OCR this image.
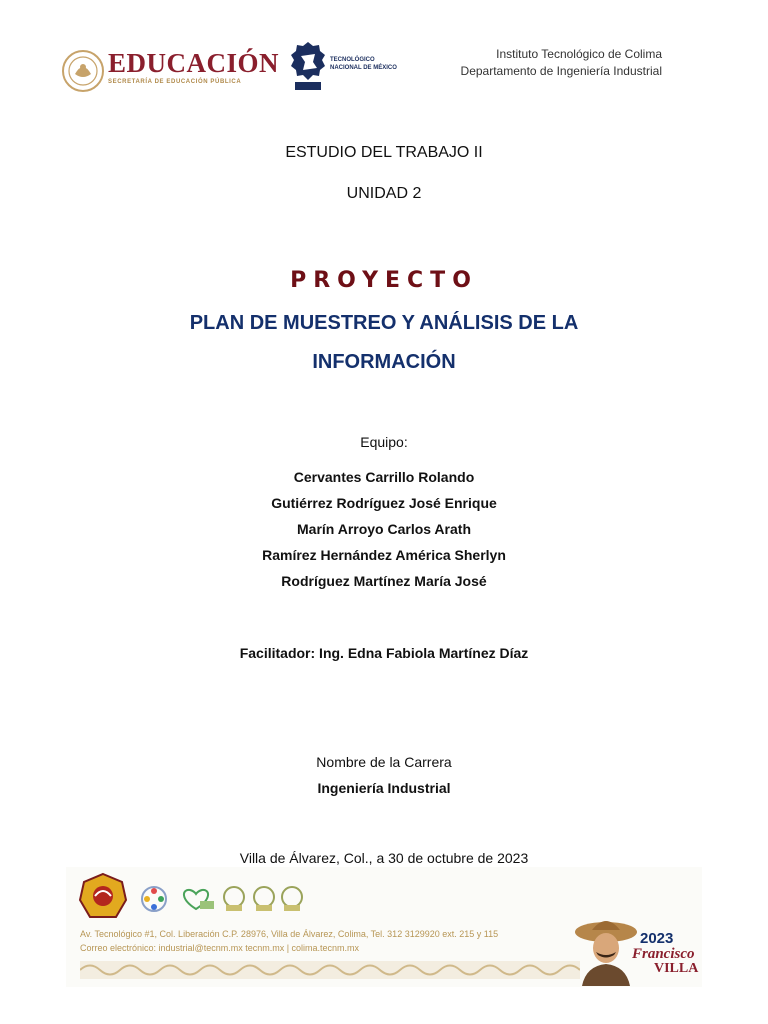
EDUCACIÓN
SECRETARÍA DE EDUCACIÓN PÚBLICA
TECNOLÓGICO
NACIONAL DE MÉXICO
Instituto Tecnológico de Colima
Departamento de Ingeniería Industrial
ESTUDIO DEL TRABAJO II
UNIDAD 2
PROYECTO
PLAN DE MUESTREO Y ANÁLISIS DE LA
INFORMACIÓN
Equipo:
Cervantes Carrillo Rolando
Gutiérrez Rodríguez José Enrique
Marín Arroyo Carlos Arath
Ramírez Hernández América Sherlyn
Rodríguez Martínez María José
Facilitador: Ing. Edna Fabiola Martínez Díaz
Nombre de la Carrera
Ingeniería Industrial
Villa de Álvarez, Col., a 30 de octubre de 2023
Av. Tecnológico #1, Col. Liberación C.P. 28976, Villa de Álvarez, Colima, Tel. 312 3129920 ext. 215 y 115
Correo electrónico: industrial@tecnm.mx tecnm.mx | colima.tecnm.mx
2023
Francisco
VILLA
